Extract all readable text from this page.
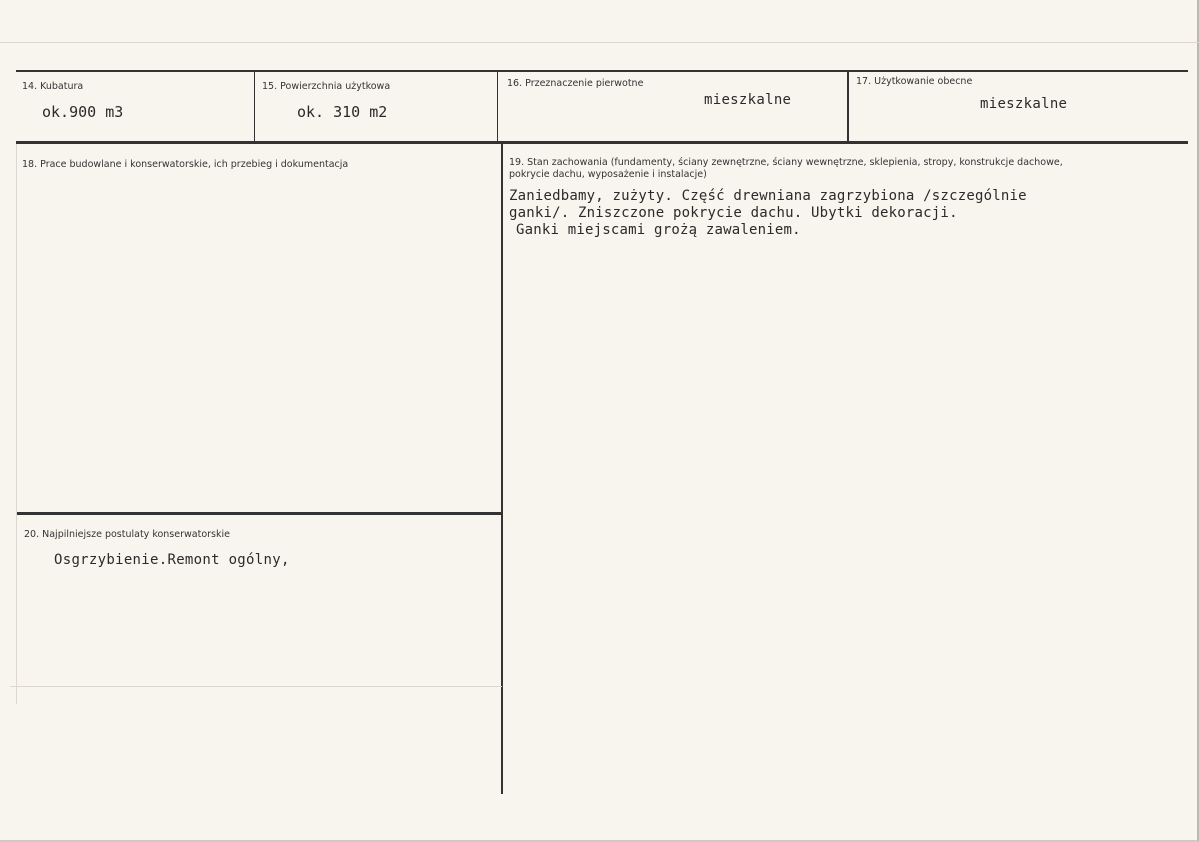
14. Kubatura
ok.900 m3
15. Powierzchnia użytkowa
ok. 310 m2
16. Przeznaczenie pierwotne
mieszkalne
17. Użytkowanie obecne
mieszkalne
18. Prace budowlane i konserwatorskie, ich przebieg i dokumentacja	19. Stan zachowania (fundamenty, ściany zewnętrzne, ściany wewnętrzne, sklepienia, stropy, konstrukcje dachowe, pokrycie dachu, wyposażenie i instalacje)
Zaniedbamy, zużyty. Część drewniana zagrzybiona /szczególnie
ganki/. Zniszczone pokrycie dachu. Ubytki dekoracji.
Ganki miejscami grożą zawaleniem.
20. Najpilniejsze postulaty konserwatorskie
Osgrzybienie.Remont ogólny,
